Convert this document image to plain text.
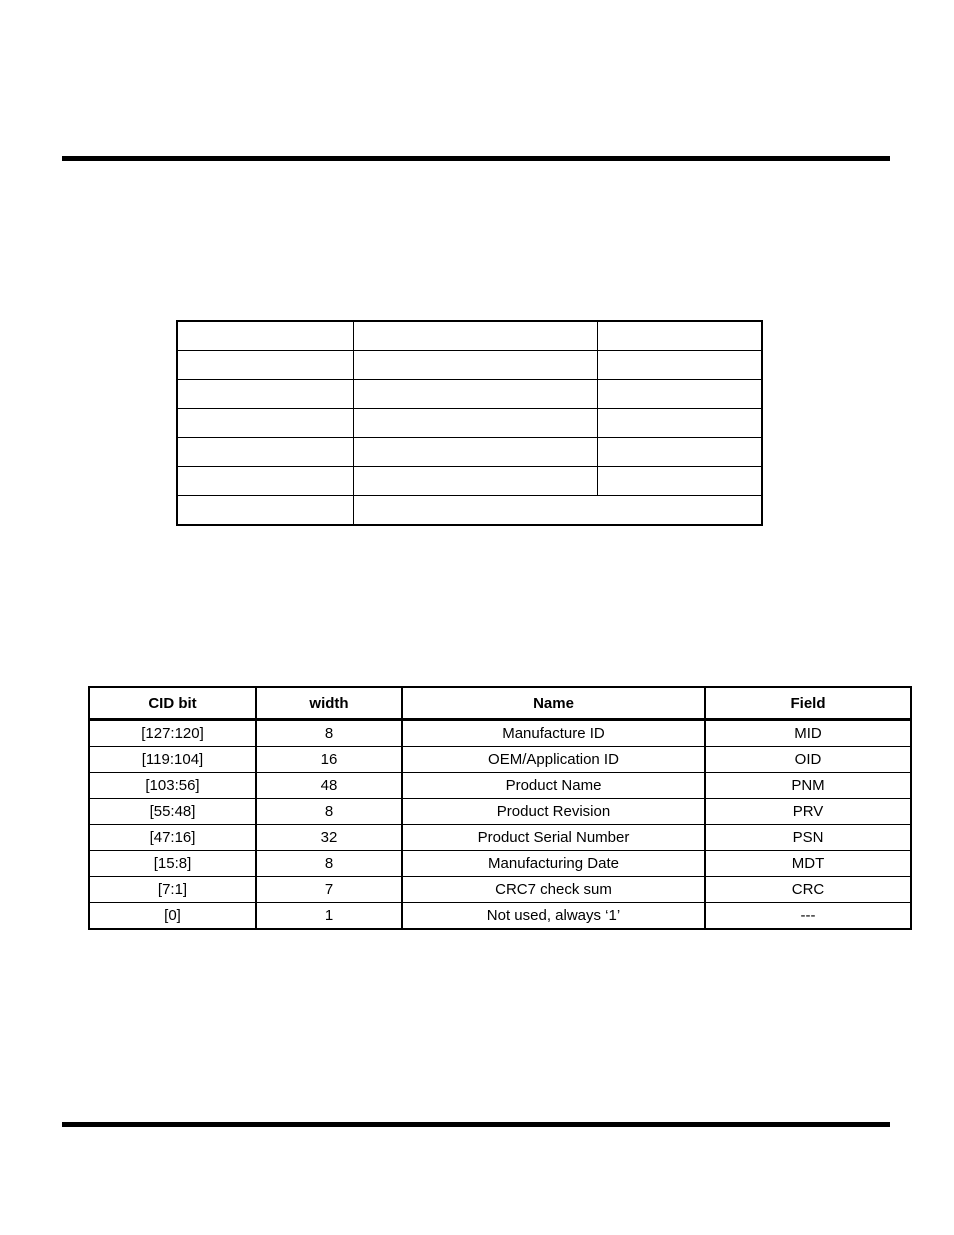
CID bit	width	Name	Field
[127:120]	8	Manufacture ID	MID
[119:104]	16	OEM/Application ID	OID
[103:56]	48	Product Name	PNM
[55:48]	8	Product Revision	PRV
[47:16]	32	Product Serial Number	PSN
[15:8]	8	Manufacturing Date	MDT
[7:1]	7	CRC7 check sum	CRC
[0]	1	Not used, always ‘1’	---
